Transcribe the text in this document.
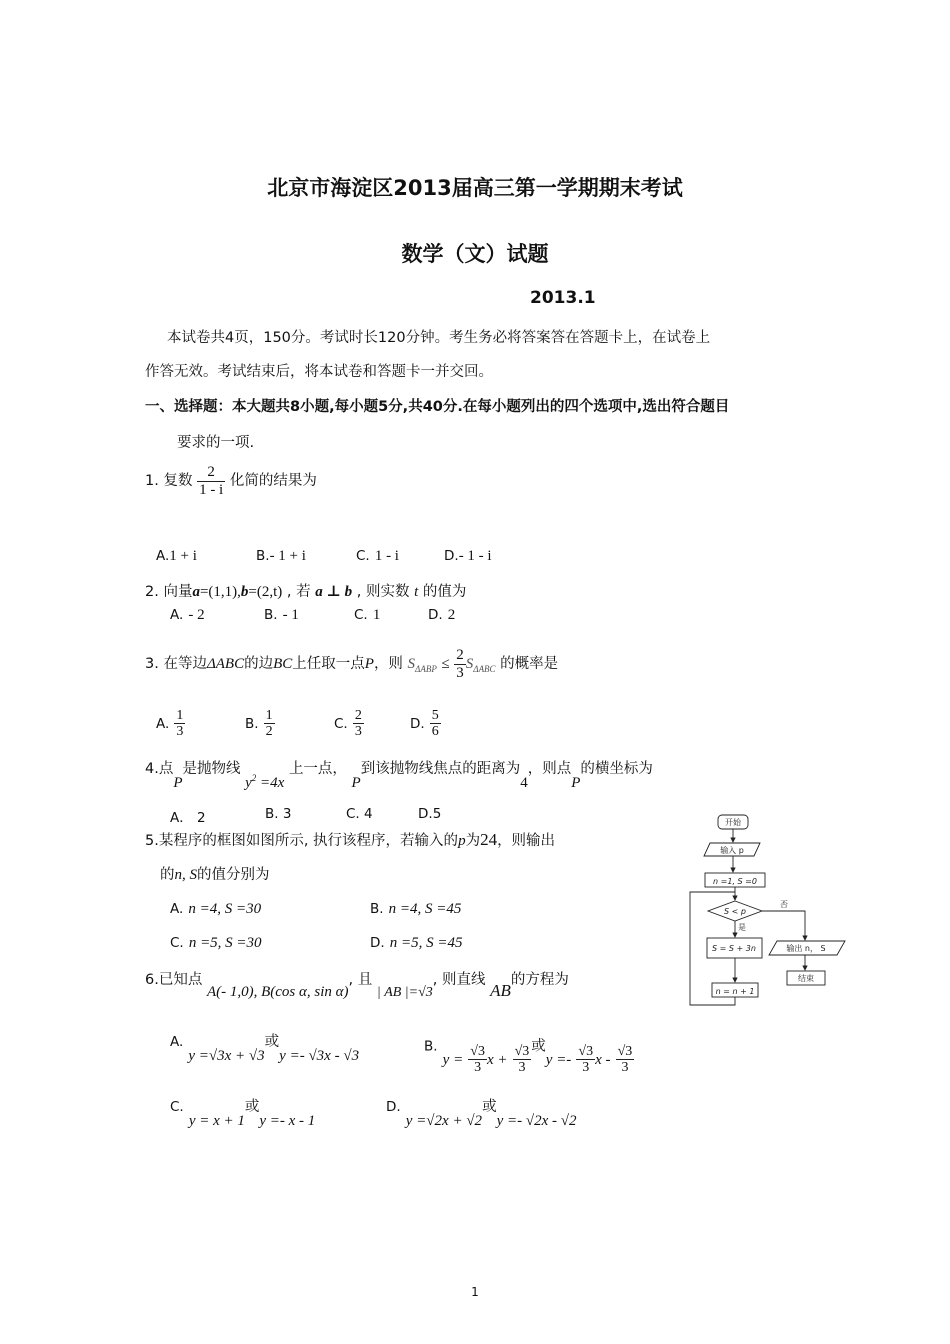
北京市海淀区2013届高三第一学期期末考试
数学（文）试题
2013.1
本试卷共4页，150分。考试时长120分钟。考生务必将答案答在答题卡上，在试卷上
作答无效。考试结束后，将本试卷和答题卡一并交回。
一、选择题：本大题共8小题,每小题5分,共40分.在每小题列出的四个选项中,选出符合题目
要求的一项.
1. 复数 $\frac{2}{1 - i}$ 化简的结果为
A.1 + i	B.- 1 + i	C. 1 - i	D.- 1 - i
2. 向量a=(1,1),b=(2,t) , 若 a ⊥ b , 则实数 t 的值为
A. - 2	B. - 1	C. 1	D. 2
3. 在等边ΔABC的边BC上任取一点P，则 $S_{\Delta ABP} \le \frac{2}{3} S_{\Delta ABC}$ 的概率是
A. $\frac{1}{3}$	B. $\frac{1}{2}$	C. $\frac{2}{3}$	D. $\frac{5}{6}$
4.点P是抛物线 $y^2 =4x$ 上一点， P到该抛物线焦点的距离为4，则点P的横坐标为
A． 2	B. 3	C. 4	D.5
5.某程序的框图如图所示, 执行该程序，若输入的p为24，则输出
的n, S的值分别为
A. n =4, S =30	B. n =4, S =45
C. n =5, S =30	D. n =5, S =45
开始
输入 p
n =1, S =0
S < p
是
否
S = S + 3n
n = n + 1
输出 n， S
结束
6.已知点 A(- 1,0), B(cos α, sin α), 且 | AB |=√3, 则直线 AB的方程为
A. y =√3x + √3或y =- √3x - √3
B. $y = \frac{√3}{3}$ $x + \frac{√3}{3}$ 或$y =- \frac{√3}{3}$ x - $\frac{√3}{3}$
C. y = x + 1或y =- x - 1
D. y =√2x + √2或y =- √2x - √2
1
